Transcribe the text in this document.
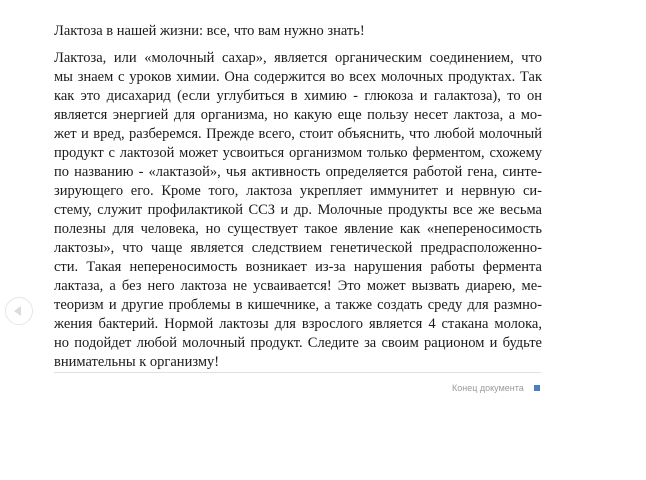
Лактоза в нашей жизни: все, что вам нужно знать!
Лактоза, или «молочный сахар», является органическим соединением, что
мы знаем с уроков химии. Она содержится во всех молочных продуктах. Так
как это дисахарид (если углубиться в химию - глюкоза и галактоза), то он
является энергией для организма, но какую еще пользу несет лактоза, а мо-
жет и вред, разберемся. Прежде всего, стоит объяснить, что любой молочный
продукт с лактозой может усвоиться организмом только ферментом, схожему
по названию - «лактазой», чья активность определяется работой гена, синте-
зирующего его. Кроме того, лактоза укрепляет иммунитет и нервную си-
стему, служит профилактикой ССЗ и др. Молочные продукты все же весьма
полезны для человека, но существует такое явление как «непереносимость
лактозы», что чаще является следствием генетической предрасположенно-
сти. Такая непереносимость возникает из-за нарушения работы фермента
лактаза, а без него лактоза не усваивается! Это может вызвать диарею, ме-
теоризм и другие проблемы в кишечнике, а также создать среду для размно-
жения бактерий. Нормой лактозы для взрослого является 4 стакана молока,
но подойдет любой молочный продукт. Следите за своим рационом и будьте
внимательны к организму!
Конец документа
